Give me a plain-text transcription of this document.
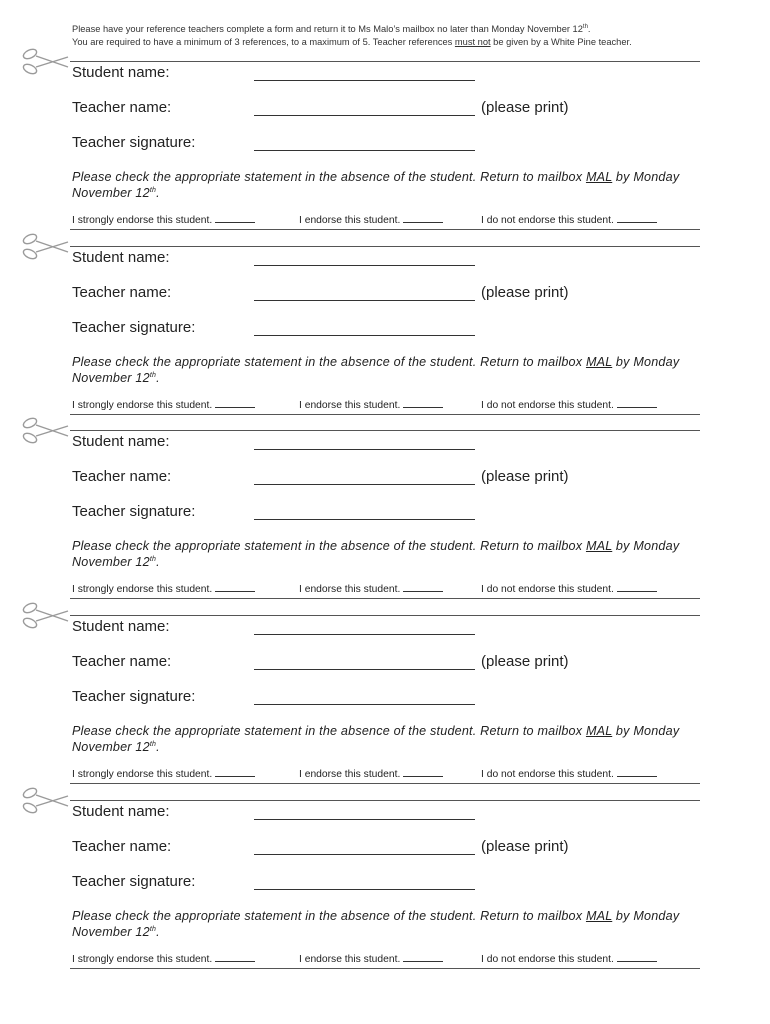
Please have your reference teachers complete a form and return it to Ms Malo’s mailbox no later than Monday November 12th.
You are required to have a minimum of 3 references, to a maximum of 5. Teacher references must not be given by a White Pine teacher.
Student name:
Teacher name:	(please print)
Teacher signature:
Please check the appropriate statement in the absence of the student. Return to mailbox MAL by Monday November 12th.
I strongly endorse this student.	I endorse this student.	I do not endorse this student.
Student name:
Teacher name:	(please print)
Teacher signature:
Please check the appropriate statement in the absence of the student. Return to mailbox MAL by Monday November 12th.
I strongly endorse this student.	I endorse this student.	I do not endorse this student.
Student name:
Teacher name:	(please print)
Teacher signature:
Please check the appropriate statement in the absence of the student. Return to mailbox MAL by Monday November 12th.
I strongly endorse this student.	I endorse this student.	I do not endorse this student.
Student name:
Teacher name:	(please print)
Teacher signature:
Please check the appropriate statement in the absence of the student. Return to mailbox MAL by Monday November 12th.
I strongly endorse this student.	I endorse this student.	I do not endorse this student.
Student name:
Teacher name:	(please print)
Teacher signature:
Please check the appropriate statement in the absence of the student. Return to mailbox MAL by Monday November 12th.
I strongly endorse this student.	I endorse this student.	I do not endorse this student.
